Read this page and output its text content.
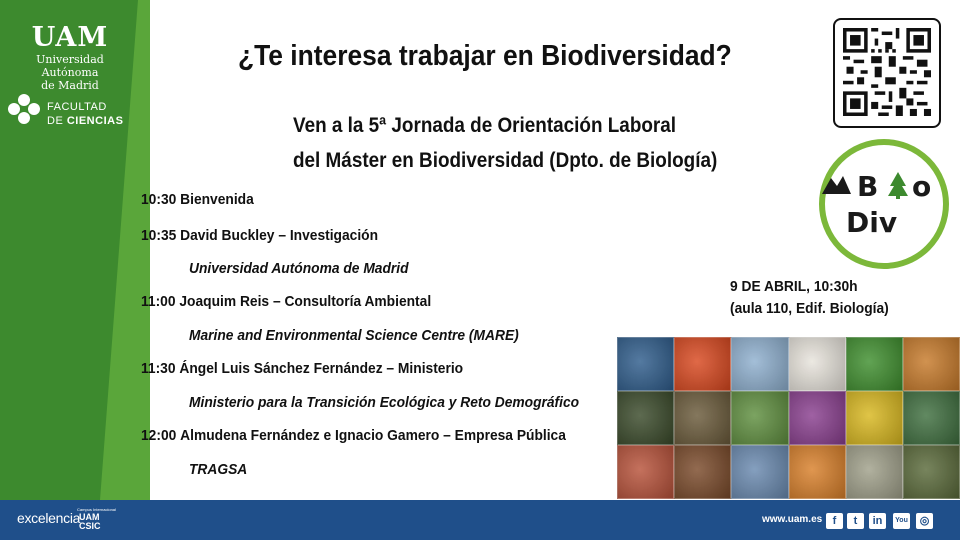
UAM
Universidad Autónoma
de Madrid
FACULTAD
DE CIENCIAS
¿Te interesa trabajar en Biodiversidad?
Ven a la 5ª Jornada de Orientación Laboral
del Máster en Biodiversidad (Dpto. de Biología)
B o
Div
9 DE ABRIL, 10:30h
(aula 110, Edif. Biología)
10:30 Bienvenida
10:35 David Buckley – Investigación
Universidad Autónoma de Madrid
11:00 Joaquim Reis – Consultoría Ambiental
Marine and Environmental Science Centre (MARE)
11:30 Ángel Luis Sánchez Fernández – Ministerio
Ministerio para la Transición Ecológica y Reto Demográfico
12:00 Almudena Fernández e Ignacio Gamero – Empresa Pública
TRAGSA
excelencia
Campus Internacional
UAM
CSIC
www.uam.es f	t	in	You	◎
